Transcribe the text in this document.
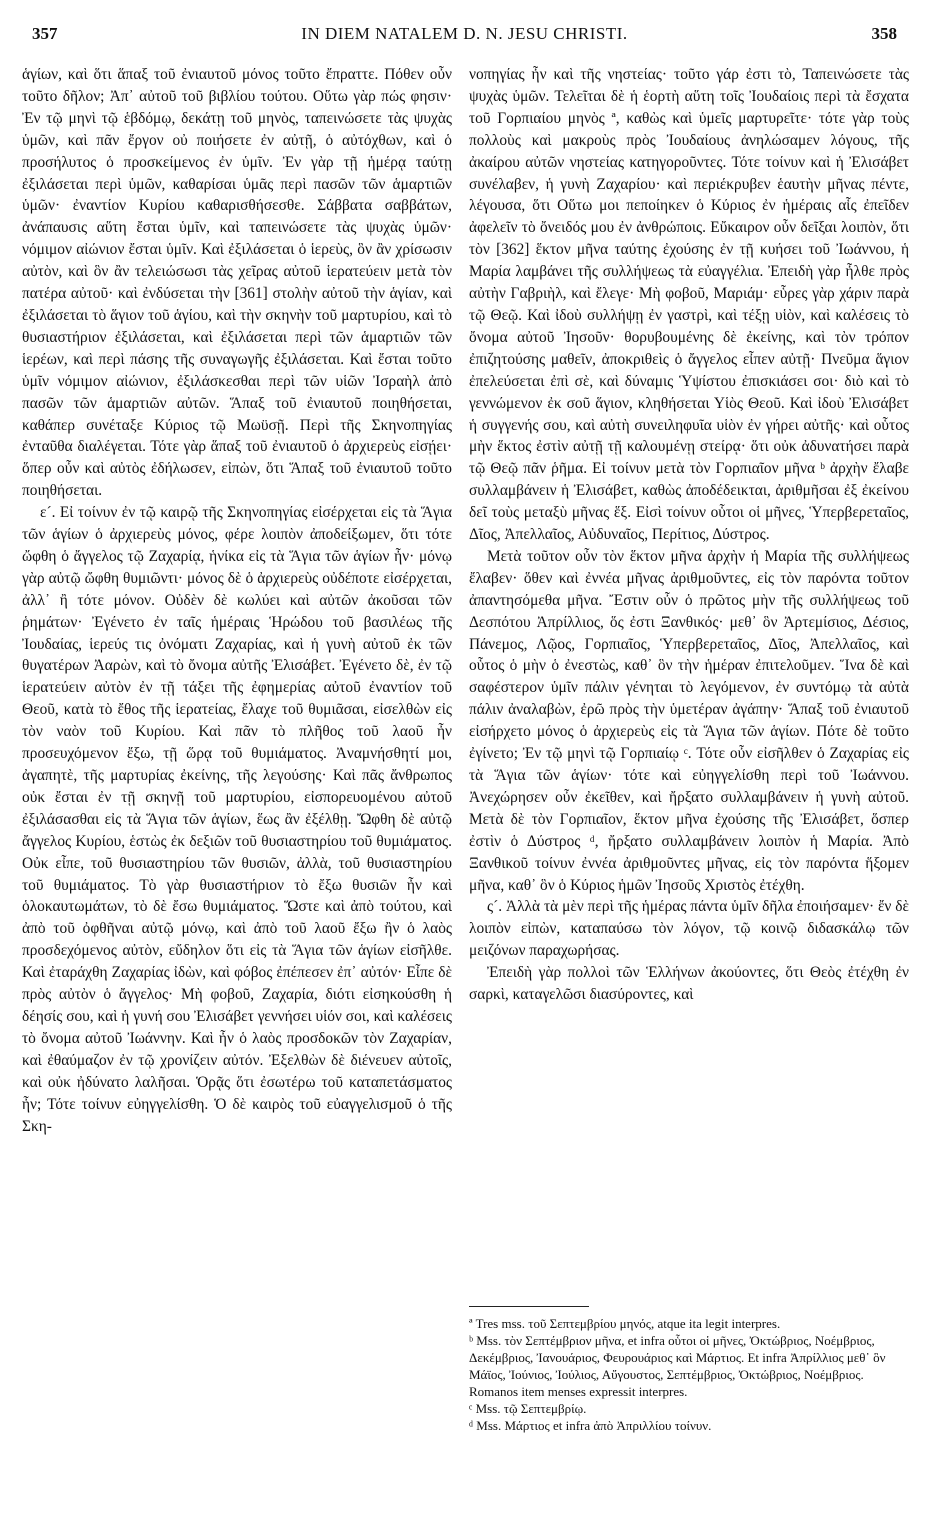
357	IN DIEM NATALEM D. N. JESU CHRISTI.	358

ἁγίων, καὶ ὅτι ἅπαξ τοῦ ἐνιαυτοῦ μόνος τοῦτο ἔπραττε. Πόθεν οὖν τοῦτο δῆλον; Ἀπ᾽ αὐτοῦ τοῦ βιβλίου τούτου. Οὕτω γὰρ πώς φησιν· Ἐν τῷ μηνὶ τῷ ἑβδόμῳ, δεκάτῃ τοῦ μηνὸς, ταπεινώσετε τὰς ψυχὰς ὑμῶν, καὶ πᾶν ἔργον οὐ ποιήσετε ἐν αὐτῇ, ὁ αὐτόχθων, καὶ ὁ προσήλυτος ὁ προσκείμενος ἐν ὑμῖν. Ἐν γὰρ τῇ ἡμέρᾳ ταύτῃ ἐξιλάσεται περὶ ὑμῶν, καθαρίσαι ὑμᾶς περὶ πασῶν τῶν ἁμαρτιῶν ὑμῶν· ἐναντίον Κυρίου καθαρισθήσεσθε. Σάββατα σαββάτων, ἀνάπαυσις αὕτη ἔσται ὑμῖν, καὶ ταπεινώσετε τὰς ψυχὰς ὑμῶν· νόμιμον αἰώνιον ἔσται ὑμῖν. Καὶ ἐξιλάσεται ὁ ἱερεὺς, ὃν ἂν χρίσωσιν αὐτὸν, καὶ ὃν ἂν τελειώσωσι τὰς χεῖρας αὐτοῦ ἱερατεύειν μετὰ τὸν πατέρα αὐτοῦ· καὶ ἐνδύσεται τὴν [361] στολὴν αὐτοῦ τὴν ἁγίαν, καὶ ἐξιλάσεται τὸ ἅγιον τοῦ ἁγίου, καὶ τὴν σκηνὴν τοῦ μαρτυρίου, καὶ τὸ θυσιαστήριον ἐξιλάσεται, καὶ ἐξιλάσεται περὶ τῶν ἁμαρτιῶν τῶν ἱερέων, καὶ περὶ πάσης τῆς συναγωγῆς ἐξιλάσεται. Καὶ ἔσται τοῦτο ὑμῖν νόμιμον αἰώνιον, ἐξιλάσκεσθαι περὶ τῶν υἱῶν Ἰσραὴλ ἀπὸ πασῶν τῶν ἁμαρτιῶν αὐτῶν. Ἅπαξ τοῦ ἐνιαυτοῦ ποιηθήσεται, καθάπερ συνέταξε Κύριος τῷ Μωϋσῇ. Περὶ τῆς Σκηνοπηγίας ἐνταῦθα διαλέγεται. Τότε γὰρ ἅπαξ τοῦ ἐνιαυτοῦ ὁ ἀρχιερεὺς εἰσῄει· ὅπερ οὖν καὶ αὐτὸς ἐδήλωσεν, εἰπὼν, ὅτι Ἅπαξ τοῦ ἐνιαυτοῦ τοῦτο ποιηθήσεται.

ε´. Εἰ τοίνυν ἐν τῷ καιρῷ τῆς Σκηνοπηγίας εἰσέρχεται εἰς τὰ Ἅγια τῶν ἁγίων ὁ ἀρχιερεὺς μόνος, φέρε λοιπὸν ἀποδείξωμεν, ὅτι τότε ὤφθη ὁ ἄγγελος τῷ Ζαχαρίᾳ, ἡνίκα εἰς τὰ Ἅγια τῶν ἁγίων ἦν· μόνῳ γὰρ αὐτῷ ὤφθη θυμιῶντι· μόνος δὲ ὁ ἀρχιερεὺς οὐδέποτε εἰσέρχεται, ἀλλ᾽ ἢ τότε μόνον. Οὐδὲν δὲ κωλύει καὶ αὐτῶν ἀκοῦσαι τῶν ῥημάτων· Ἐγένετο ἐν ταῖς ἡμέραις Ἡρώδου τοῦ βασιλέως τῆς Ἰουδαίας, ἱερεύς τις ὀνόματι Ζαχαρίας, καὶ ἡ γυνὴ αὐτοῦ ἐκ τῶν θυγατέρων Ἀαρὼν, καὶ τὸ ὄνομα αὐτῆς Ἐλισάβετ. Ἐγένετο δὲ, ἐν τῷ ἱερατεύειν αὐτὸν ἐν τῇ τάξει τῆς ἐφημερίας αὐτοῦ ἐναντίον τοῦ Θεοῦ, κατὰ τὸ ἔθος τῆς ἱερατείας, ἔλαχε τοῦ θυμιᾶσαι, εἰσελθὼν εἰς τὸν ναὸν τοῦ Κυρίου. Καὶ πᾶν τὸ πλῆθος τοῦ λαοῦ ἦν προσευχόμενον ἔξω, τῇ ὥρᾳ τοῦ θυμιάματος. Ἀναμνήσθητί μοι, ἀγαπητὲ, τῆς μαρτυρίας ἐκείνης, τῆς λεγούσης· Καὶ πᾶς ἄνθρωπος οὐκ ἔσται ἐν τῇ σκηνῇ τοῦ μαρτυρίου, εἰσπορευομένου αὐτοῦ ἐξιλάσασθαι εἰς τὰ Ἅγια τῶν ἁγίων, ἕως ἂν ἐξέλθῃ. Ὤφθη δὲ αὐτῷ ἄγγελος Κυρίου, ἑστὼς ἐκ δεξιῶν τοῦ θυσιαστηρίου τοῦ θυμιάματος. Οὐκ εἶπε, τοῦ θυσιαστηρίου τῶν θυσιῶν, ἀλλὰ, τοῦ θυσιαστηρίου τοῦ θυμιάματος. Τὸ γὰρ θυσιαστήριον τὸ ἔξω θυσιῶν ἦν καὶ ὁλοκαυτωμάτων, τὸ δὲ ἔσω θυμιάματος. Ὥστε καὶ ἀπὸ τούτου, καὶ ἀπὸ τοῦ ὀφθῆναι αὐτῷ μόνῳ, καὶ ἀπὸ τοῦ λαοῦ ἔξω ἢν ὁ λαὸς προσδεχόμενος αὐτὸν, εὔδηλον ὅτι εἰς τὰ Ἅγια τῶν ἁγίων εἰσῆλθε. Καὶ ἐταράχθη Ζαχαρίας ἰδὼν, καὶ φόβος ἐπέπεσεν ἐπ᾽ αὐτόν· Εἶπε δὲ πρὸς αὐτὸν ὁ ἄγγελος· Μὴ φοβοῦ, Ζαχαρία, διότι εἰσηκούσθη ἡ δέησίς σου, καὶ ἡ γυνή σου Ἐλισάβετ γεννήσει υἱόν σοι, καὶ καλέσεις τὸ ὄνομα αὐτοῦ Ἰωάννην. Καὶ ἦν ὁ λαὸς προσδοκῶν τὸν Ζαχαρίαν, καὶ ἐθαύμαζον ἐν τῷ χρονίζειν αὐτόν. Ἐξελθὼν δὲ διένευεν αὐτοῖς, καὶ οὐκ ἠδύνατο λαλῆσαι. Ὁρᾷς ὅτι ἐσωτέρω τοῦ καταπετάσματος ἦν; Τότε τοίνυν εὐηγγελίσθη. Ὁ δὲ καιρὸς τοῦ εὐαγγελισμοῦ ὁ τῆς Σκη-

νοπηγίας ἦν καὶ τῆς νηστείας· τοῦτο γάρ ἐστι τὸ, Ταπεινώσετε τὰς ψυχὰς ὑμῶν. Τελεῖται δὲ ἡ ἑορτὴ αὕτη τοῖς Ἰουδαίοις περὶ τὰ ἔσχατα τοῦ Γορπιαίου μηνὸς ª, καθὼς καὶ ὑμεῖς μαρτυρεῖτε· τότε γὰρ τοὺς πολλοὺς καὶ μακροὺς πρὸς Ἰουδαίους ἀνηλώσαμεν λόγους, τῆς ἀκαίρου αὐτῶν νηστείας κατηγοροῦντες. Τότε τοίνυν καὶ ἡ Ἐλισάβετ συνέλαβεν, ἡ γυνὴ Ζαχαρίου· καὶ περιέκρυβεν ἑαυτὴν μῆνας πέντε, λέγουσα, ὅτι Οὕτω μοι πεποίηκεν ὁ Κύριος ἐν ἡμέραις αἷς ἐπεῖδεν ἀφελεῖν τὸ ὄνειδός μου ἐν ἀνθρώποις. Εὔκαιρον οὖν δεῖξαι λοιπὸν, ὅτι τὸν [362] ἕκτον μῆνα ταύτης ἐχούσης ἐν τῇ κυήσει τοῦ Ἰωάννου, ἡ Μαρία λαμβάνει τῆς συλλήψεως τὰ εὐαγγέλια. Ἐπειδὴ γὰρ ἦλθε πρὸς αὐτὴν Γαβριὴλ, καὶ ἔλεγε· Μὴ φοβοῦ, Μαριάμ· εὗρες γὰρ χάριν παρὰ τῷ Θεῷ. Καὶ ἰδοὺ συλλήψῃ ἐν γαστρὶ, καὶ τέξῃ υἱὸν, καὶ καλέσεις τὸ ὄνομα αὐτοῦ Ἰησοῦν· θορυβουμένης δὲ ἐκείνης, καὶ τὸν τρόπον ἐπιζητούσης μαθεῖν, ἀποκριθεὶς ὁ ἄγγελος εἶπεν αὐτῇ· Πνεῦμα ἅγιον ἐπελεύσεται ἐπὶ σὲ, καὶ δύναμις Ὑψίστου ἐπισκιάσει σοι· διὸ καὶ τὸ γεννώμενον ἐκ σοῦ ἅγιον, κληθήσεται Υἱὸς Θεοῦ. Καὶ ἰδοὺ Ἐλισάβετ ἡ συγγενής σου, καὶ αὐτὴ συνειληφυῖα υἱὸν ἐν γήρει αὐτῆς· καὶ οὗτος μὴν ἕκτος ἐστὶν αὐτῇ τῇ καλουμένῃ στείρᾳ· ὅτι οὐκ ἀδυνατήσει παρὰ τῷ Θεῷ πᾶν ῥῆμα. Εἰ τοίνυν μετὰ τὸν Γορπιαῖον μῆνα ᵇ ἀρχὴν ἔλαβε συλλαμβάνειν ἡ Ἐλισάβετ, καθὼς ἀποδέδεικται, ἀριθμῆσαι ἐξ ἐκείνου δεῖ τοὺς μεταξὺ μῆνας ἕξ. Εἰσὶ τοίνυν οὗτοι οἱ μῆνες, Ὑπερβερεταῖος, Δῖος, Ἀπελλαῖος, Αὐδυναῖος, Περίτιος, Δύστρος.

Μετὰ τοῦτον οὖν τὸν ἕκτον μῆνα ἀρχὴν ἡ Μαρία τῆς συλλήψεως ἔλαβεν· ὅθεν καὶ ἐννέα μῆνας ἀριθμοῦντες, εἰς τὸν παρόντα τοῦτον ἀπαντησόμεθα μῆνα. Ἔστιν οὖν ὁ πρῶτος μὴν τῆς συλλήψεως τοῦ Δεσπότου Ἀπρίλλιος, ὅς ἐστι Ξανθικός· μεθ᾽ ὃν Ἀρτεμίσιος, Δέσιος, Πάνεμος, Λῷος, Γορπιαῖος, Ὑπερβερεταῖος, Δῖος, Ἀπελλαῖος, καὶ οὗτος ὁ μὴν ὁ ἐνεστὼς, καθ᾽ ὃν τὴν ἡμέραν ἐπιτελοῦμεν. Ἵνα δὲ καὶ σαφέστερον ὑμῖν πάλιν γένηται τὸ λεγόμενον, ἐν συντόμῳ τὰ αὐτὰ πάλιν ἀναλαβὼν, ἐρῶ πρὸς τὴν ὑμετέραν ἀγάπην· Ἅπαξ τοῦ ἐνιαυτοῦ εἰσήρχετο μόνος ὁ ἀρχιερεὺς εἰς τὰ Ἅγια τῶν ἁγίων. Πότε δὲ τοῦτο ἐγίνετο; Ἐν τῷ μηνὶ τῷ Γορπιαίῳ ᶜ. Τότε οὖν εἰσῆλθεν ὁ Ζαχαρίας εἰς τὰ Ἅγια τῶν ἁγίων· τότε καὶ εὐηγγελίσθη περὶ τοῦ Ἰωάννου. Ἀνεχώρησεν οὖν ἐκεῖθεν, καὶ ἤρξατο συλλαμβάνειν ἡ γυνὴ αὐτοῦ. Μετὰ δὲ τὸν Γορπιαῖον, ἕκτον μῆνα ἐχούσης τῆς Ἐλισάβετ, ὅσπερ ἐστὶν ὁ Δύστρος ᵈ, ἤρξατο συλλαμβάνειν λοιπὸν ἡ Μαρία. Ἀπὸ Ξανθικοῦ τοίνυν ἐννέα ἀριθμοῦντες μῆνας, εἰς τὸν παρόντα ἥξομεν μῆνα, καθ᾽ ὃν ὁ Κύριος ἡμῶν Ἰησοῦς Χριστὸς ἐτέχθη.

ς´. Ἀλλὰ τὰ μὲν περὶ τῆς ἡμέρας πάντα ὑμῖν δῆλα ἐποιήσαμεν· ἔν δὲ λοιπὸν εἰπὼν, καταπαύσω τὸν λόγον, τῷ κοινῷ διδασκάλῳ τῶν μειζόνων παραχωρήσας.

Ἐπειδὴ γὰρ πολλοὶ τῶν Ἑλλήνων ἀκούοντες, ὅτι Θεὸς ἐτέχθη ἐν σαρκὶ, καταγελῶσι διασύροντες, καὶ

ª Tres mss. τοῦ Σεπτεμβρίου μηνός, atque ita legit interpres.

ᵇ Mss. τὸν Σεπτέμβριον μῆνα, et infra οὗτοι οἱ μῆνες, Ὀκτώβριος, Νοέμβριος, Δεκέμβριος, Ἰανουάριος, Φευρουάριος καὶ Μάρτιος. Et infra Ἀπρίλλιος μεθ᾽ ὃν Μάϊος, Ἰούνιος, Ἰούλιος, Αὔγουστος, Σεπτέμβριος, Ὀκτώβριος, Νοέμβριος. Romanos item menses expressit interpres.

ᶜ Mss. τῷ Σεπτεμβρίῳ.

ᵈ Mss. Μάρτιος et infra ἀπὸ Ἀπριλλίου τοίνυν.
